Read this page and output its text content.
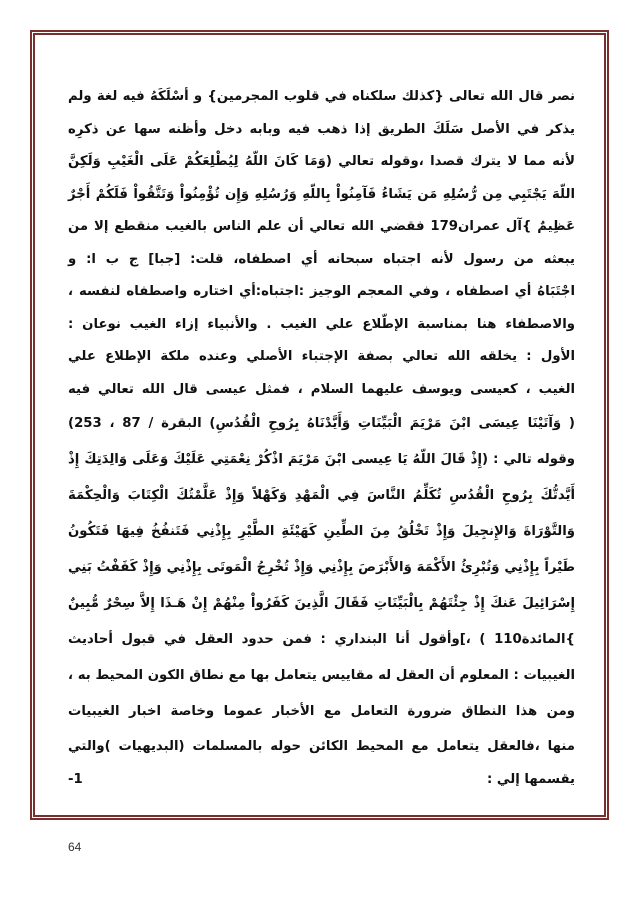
نصر قال الله تعالى {كذلك سلكناه في قلوب المجرمين} و أسْلَكَهُ فيه لغة ولم
يذكر في الأصل سَلَكَ الطريق إذا ذهب فيه وبابه دخل وأظنه سها عن ذكرِه
لأنه مما لا يترك قصدا ،وقوله تعالي (وَمَا كَانَ اللّهُ لِيُطْلِعَكُمْ عَلَى الْغَيْبِ وَلَكِنَّ
اللّهَ يَجْتَبِي مِن رُّسُلِهِ مَن يَشَاءُ فَآمِنُواْ بِاللّهِ وَرُسُلِهِ وَإِن تُؤْمِنُواْ وَتَتَّقُواْ فَلَكُمْ أَجْرٌ
عَظِيمٌ }آل عمران179 فقضي الله تعالي أن علم الناس بالغيب منقطع إلا من
يبعثه من رسول لأنه اجتباه سبحانه أي اصطفاه، قلت: [جبا] ج ب ا: و
اجْتَبَاهُ أي اصطفاه ، وفي المعجم الوجيز :اجتباه:أي اختاره واصطفاه لنفسه ،
والاصطفاء هنا بمناسبة الإطّلاع علي الغيب . والأنبياء إزاء الغيب نوعان :
الأول : يخلقه الله تعالي بصفة الإجتباء الأصلي وعنده ملكة الإطلاع علي
الغيب ، كعيسى ويوسف عليهما السلام ، فمثل عيسى قال الله تعالي فيه
( وَآتَيْنَا عِيسَى ابْنَ مَرْيَمَ الْبَيِّنَاتِ وَأَيَّدْنَاهُ بِرُوحِ الْقُدُسِ) البقرة / 87 ، 253)
وقوله تالي : (إِذْ قَالَ اللّهُ يَا عِيسى ابْنَ مَرْيَمَ اذْكُرْ نِعْمَتِي عَلَيْكَ وَعَلَى وَالِدَتِكَ إِذْ
أَيَّدتُّكَ بِرُوحِ الْقُدُسِ تُكَلِّمُ النَّاسَ فِي الْمَهْدِ وَكَهْلاً وَإِذْ عَلَّمْتُكَ الْكِتَابَ وَالْحِكْمَةَ
وَالتَّوْرَاةَ وَالإِنجِيلَ وَإِذْ تَخْلُقُ مِنَ الطِّينِ كَهَيْئَةِ الطَّيْرِ بِإِذْنِي فَتَنفُخُ فِيهَا فَتَكُونُ
طَيْراً بِإِذْنِي وَتُبْرِئُ الأَكْمَهَ وَالأَبْرَصَ بِإِذْنِي وَإِذْ تُخْرِجُ الْمَوتَى بِإِذْنِي وَإِذْ كَفَفْتُ بَنِي
إِسْرَائِيلَ عَنكَ إِذْ جِئْتَهُمْ بِالْبَيِّنَاتِ فَقَالَ الَّذِينَ كَفَرُواْ مِنْهُمْ إِنْ هَـذَا إِلاَّ سِحْرٌ مُّبِينٌ
}المائدة110 ) ،]وأقول أنا البنداري : فمن حدود العقل في قبول أحاديث
الغيبيات : المعلوم أن العقل له مقاييس يتعامل بها مع نطاق الكون المحيط به ،
ومن هذا النطاق ضرورة التعامل مع الأخبار عموما وخاصة اخبار الغيبيات
منها ،فالعقل يتعامل مع المحيط الكائن حوله بالمسلمات (البديهيات )والتي
يقسمها إلي :
1-
64
